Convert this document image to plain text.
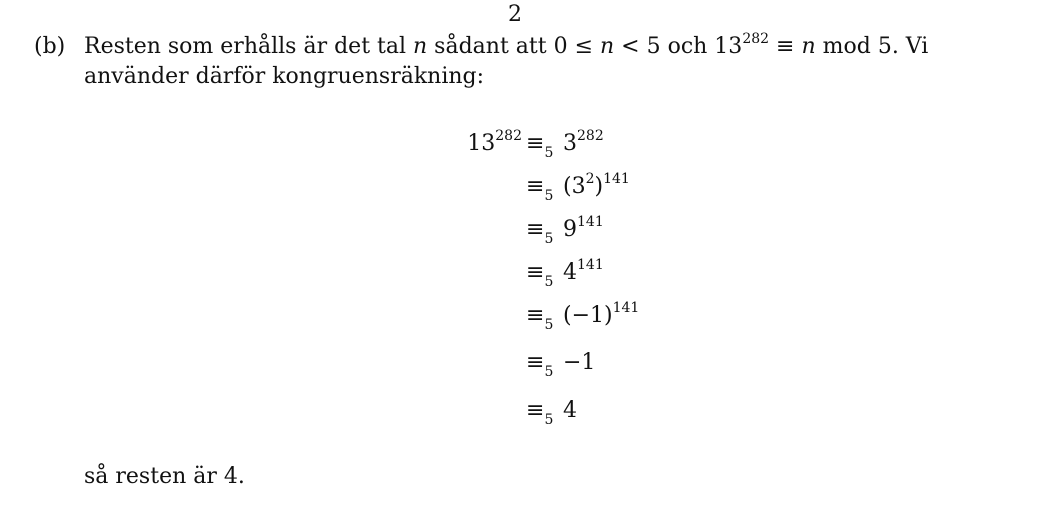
2
(b) Resten som erhålls är det tal n sådant att 0 ≤ n < 5 och $13^{282} \equiv n$ mod 5. Vi
använder därför kongruensräkning:
$13^{282} \equiv_5$ $3^{282}$
$\equiv_5$ $(3^2)^{141}$
$\equiv_5$ $9^{141}$
$\equiv_5$ $4^{141}$
$\equiv_5$ $(-1)^{141}$
$\equiv_5 -1$
$\equiv_5$ 4
så resten är 4.
